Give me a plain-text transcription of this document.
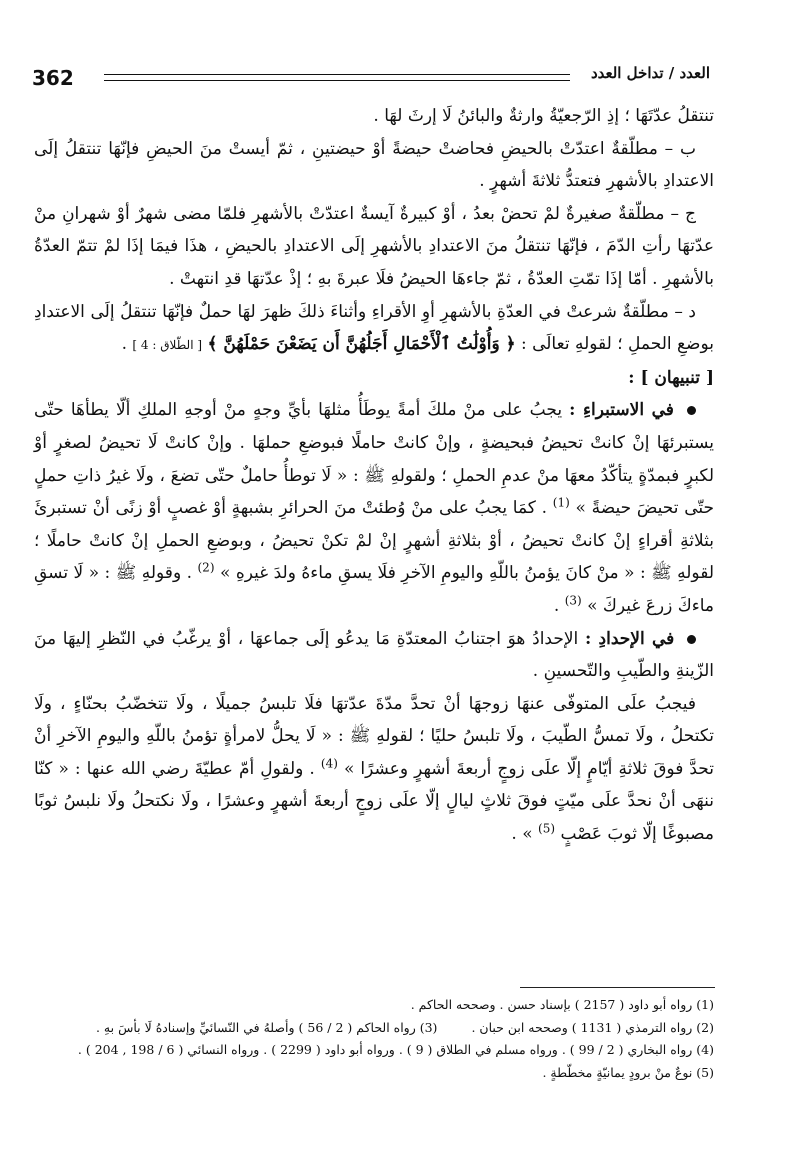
362	العدد / تداخل العدد

تنتقلُ عدّتَهَا ؛ إذِ الرّجعيّةُ وارثةٌ والبائنُ لَا إرثَ لهَا .

ب – مطلّقةٌ اعتدّتْ بالحيضِ فحاضتْ حيضةً أوْ حيضتينِ ، ثمّ أيستْ منَ الحيضِ فإنّهَا تنتقلُ إلَى الاعتدادِ بالأشهرِ فتعتدُّ ثلاثةَ أشهرٍ .

ج – مطلّقةٌ صغيرةٌ لمْ تحضْ بعدُ ، أوْ كبيرةٌ آيسةٌ اعتدّتْ بالأشهرِ فلمّا مضى شهرٌ أوْ شهرانِ منْ عدّتهَا رأتِ الدّمَ ، فإنّهَا تنتقلُ منَ الاعتدادِ بالأشهرِ إلَى الاعتدادِ بالحيضِ ، هذَا فيمَا إذَا لمْ تتمّ العدّةُ بالأشهرِ . أمّا إذَا تمّتِ العدّةُ ، ثمّ جاءهَا الحيضُ فلَا عبرةَ بهِ ؛ إذْ عدّتهَا قدِ انتهتْ .

د – مطلّقةٌ شرعتْ في العدّةِ بالأشهرِ أوِ الأقراءِ وأثناءَ ذلكَ ظهرَ لهَا حملٌ فإنّهَا تنتقلُ إلَى الاعتدادِ بوضعِ الحملِ ؛ لقولهِ تعالَى : ﴿ وَأُوْلَٰتُ ٱلْأَحْمَالِ أَجَلُهُنَّ أَن يَضَعْنَ حَمْلَهُنَّ ﴾ [ الطّلاق : 4 ] .

[ تنبيهان ] :

في الاستبراءِ : يجبُ على منْ ملكَ أمةً يوطَأُ مثلهَا بأيِّ وجهٍ منْ أوجهِ الملكِ ألّا يطأهَا حتّى يستبرئهَا إنْ كانتْ تحيضُ فبحيضةٍ ، وإنْ كانتْ حاملًا فبوضعِ حملهَا . وإنْ كانتْ لَا تحيضُ لصغرٍ أوْ لكبرٍ فبمدّةٍ يتأكّدُ معهَا منْ عدمِ الحملِ ؛ ولقولهِ ﷺ : « لَا توطأُ حاملٌ حتّى تضعَ ، ولَا غيرُ ذاتِ حملٍ حتّى تحيضَ حيضةً » $^{(1)}$ . كمَا يجبُ على منْ وُطئتْ منَ الحرائرِ بشبهةٍ أوْ غصبٍ أوْ زنًى أنْ تستبرئَ بثلاثةِ أقراءٍ إنْ كانتْ تحيضُ ، أوْ بثلاثةِ أشهرٍ إنْ لمْ تكنْ تحيضُ ، وبوضعِ الحملِ إنْ كانتْ حاملًا ؛ لقولهِ ﷺ : « منْ كانَ يؤمنُ باللّهِ واليومِ الآخرِ فلَا يسقِ ماءهُ ولدَ غيرهِ » $^{(2)}$ . وقولهِ ﷺ : « لَا تسقِ ماءكَ زرعَ غيركَ » $^{(3)}$ .

في الإحدادِ : الإحدادُ هوَ اجتنابُ المعتدّةِ مَا يدعُو إلَى جماعهَا ، أوْ يرغّبُ في النّظرِ إليهَا منَ الزّينةِ والطّيبِ والتّحسينِ .

فيجبُ علَى المتوفّى عنهَا زوجهَا أنْ تحدَّ مدّةَ عدّتهَا فلَا تلبسُ جميلًا ، ولَا تتخضّبُ بحنّاءٍ ، ولَا تكتحلُ ، ولَا تمسُّ الطّيبَ ، ولَا تلبسُ حليًا ؛ لقولهِ ﷺ : « لَا يحلُّ لامرأةٍ تؤمنُ باللّهِ واليومِ الآخرِ أنْ تحدَّ فوقَ ثلاثةِ أيّامٍ إلّا علَى زوجٍ أربعةَ أشهرٍ وعشرًا » $^{(4)}$ . ولقولِ أمّ عطيّةَ رضي الله عنها : « كنّا ننهَى أنْ نحدَّ علَى ميّتٍ فوقَ ثلاثٍ ليالٍ إلّا علَى زوجٍ أربعةَ أشهرٍ وعشرًا ، ولَا نكتحلُ ولَا نلبسُ ثوبًا مصبوغًا إلّا ثوبَ عَصْبٍ $^{(5)}$ » .

(1) رواه أبو داود ( 2157 ) بإسناد حسن . وصححه الحاكم .
(2) رواه الترمذي ( 1131 ) وصححه ابن حبان .
(3) رواه الحاكم ( 2 / 56 ) وأصلهُ في النّسائيِّ وإسنادهُ لَا بأسَ بهِ .
(4) رواه البخاري ( 2 / 99 ) . ورواه مسلم في الطلاق ( 9 ) . ورواه أبو داود ( 2299 ) . ورواه النسائي ( 6 / 198 , 204 ) .
(5) نوعٌ منْ برودٍ يمانيّةٍ مخطّطةٍ .
